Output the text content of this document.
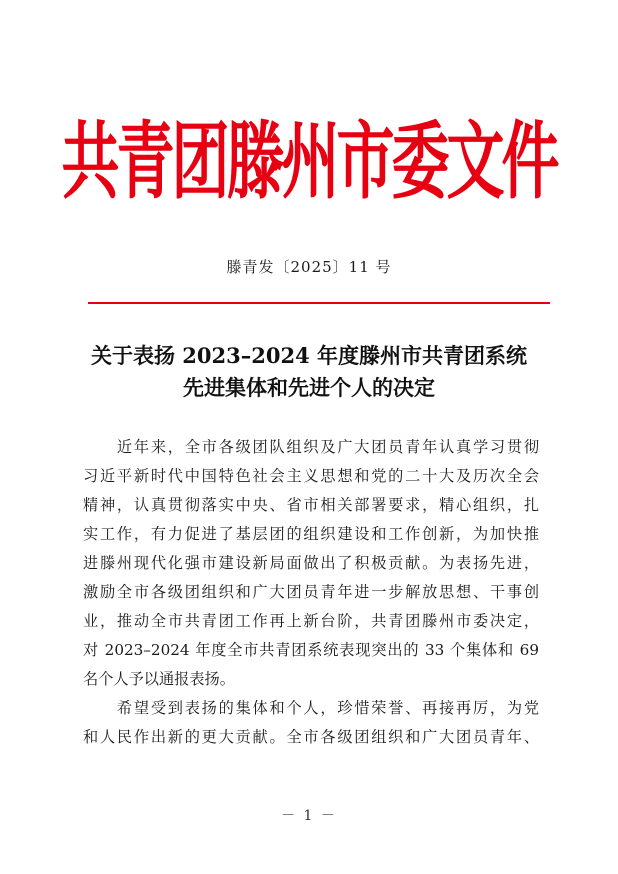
共青团滕州市委文件
滕青发〔2025〕11 号
关于表扬 2023–2024 年度滕州市共青团系统
先进集体和先进个人的决定

　　近年来，全市各级团队组织及广大团员青年认真学习贯彻
习近平新时代中国特色社会主义思想和党的二十大及历次全会
精神，认真贯彻落实中央、省市相关部署要求，精心组织，扎
实工作，有力促进了基层团的组织建设和工作创新，为加快推
进滕州现代化强市建设新局面做出了积极贡献。为表扬先进，
激励全市各级团组织和广大团员青年进一步解放思想、干事创
业，推动全市共青团工作再上新台阶，共青团滕州市委决定，
对 2023–2024 年度全市共青团系统表现突出的 33 个集体和 69
名个人予以通报表扬。

　　希望受到表扬的集体和个人，珍惜荣誉、再接再厉，为党
和人民作出新的更大贡献。全市各级团组织和广大团员青年、

－ 1 －
